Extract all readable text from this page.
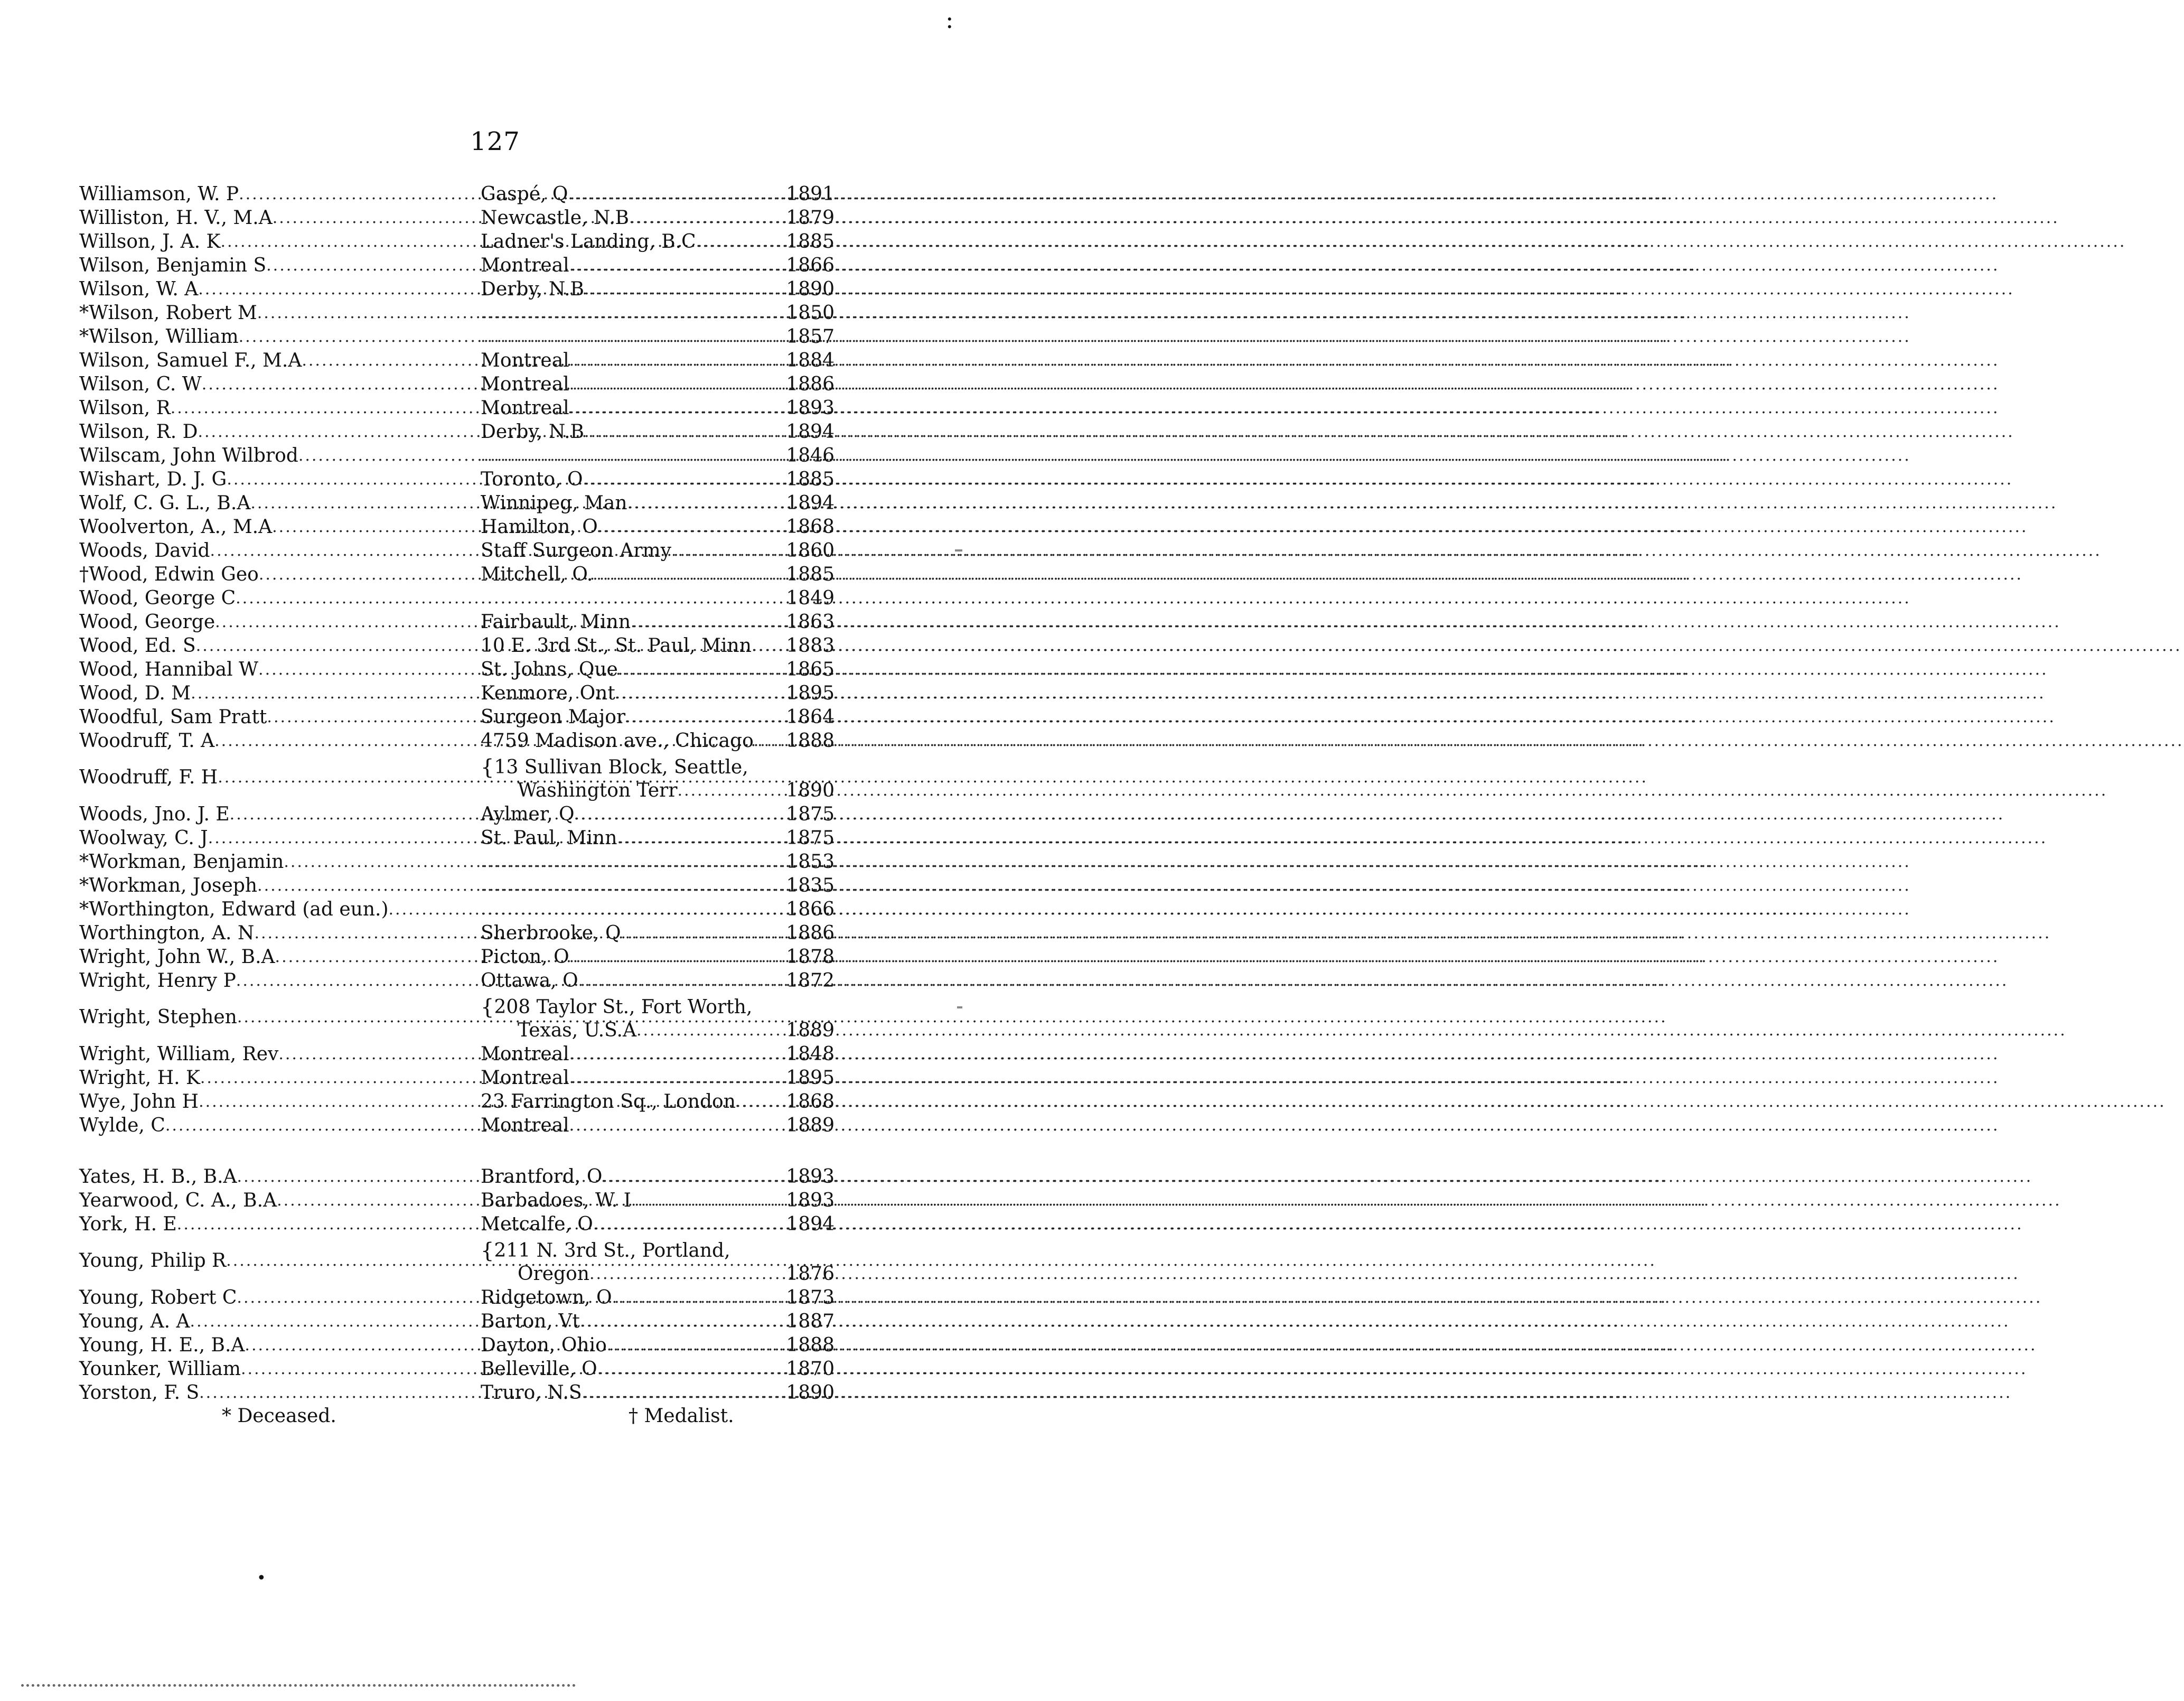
:
127
Williamson, W. P .....	Gaspé, Q .....	1891
Williston, H. V., M.A .....	Newcastle, N.B .....	1879
Willson, J. A. K .....	Ladner's Landing, B.C .....	1885
Wilson, Benjamin S .....	Montreal .....	1866
Wilson, W. A .....	Derby, N.B .....	1890
*Wilson, Robert M ..... .....	1850
*Wilson, William ..... .....	1857
Wilson, Samuel F., M.A .....	Montreal .....	1884
Wilson, C. W .....	Montreal .....	1886
Wilson, R .....	Montreal .....	1893
Wilson, R. D .....	Derby, N.B .....	1894
Wilscam, John Wilbrod ..... .....	1846
Wishart, D. J. G .....	Toronto, O .....	1885
Wolf, C. G. L., B.A .....	Winnipeg, Man .....	1894
Woolverton, A., M.A .....	Hamilton, O .....	1868
Woods, David .....	Staff Surgeon Army .....	1860
†Wood, Edwin Geo .....	Mitchell, O. .....	1885
Wood, George C ..... .....	1849
Wood, George .....	Fairbault, Minn .....	1863
Wood, Ed. S .....	10 E. 3rd St., St. Paul, Minn ..... 1883
Wood, Hannibal W .....	St. Johns, Que .....	1865
Wood, D. M .....	Kenmore, Ont .....	1895
Woodful, Sam Pratt .....	Surgeon Major .....	1864
Woodruff, T. A .....	4759 Madison ave., Chicago ..... 1888
Woodruff, F. H .....	{ 13 Sullivan Block, Seattle,
Washington Terr .....	1890
Woods, Jno. J. E .....	Aylmer, Q .....	1875
Woolway, C. J .....	St. Paul, Minn .....	1875
*Workman, Benjamin ..... .....	1853
*Workman, Joseph ..... .....	1835
*Worthington, Edward (ad eun.) ..... .....	1866
Worthington, A. N .....	Sherbrooke, Q .....	1886
Wright, John W., B.A .....	Picton, O .....	1878
Wright, Henry P .....	Ottawa, O .....	1872
Wright, Stephen .....	{ 208 Taylor St., Fort Worth,
Texas, U.S.A .....	1889
Wright, William, Rev .....	Montreal .....	1848
Wright, H. K .....	Montreal .....	1895
Wye, John H .....	23 Farrington Sq., London .....	1868
Wylde, C .....	Montreal .....	1889
Yates, H. B., B.A .....	Brantford, O .....	1893
Yearwood, C. A., B.A .....	Barbadoes, W. I .....	1893
York, H. E .....	Metcalfe, O .....	1894
Young, Philip R .....	{ 211 N. 3rd St., Portland,
Oregon .....	1876
Young, Robert C .....	Ridgetown, O .....	1873
Young, A. A .....	Barton, Vt .....	1887
Young, H. E., B.A .....	Dayton, Ohio .....	1888
Younker, William .....	Belleville, O .....	1870
Yorston, F. S .....	Truro, N.S .....	1890
* Deceased.	† Medalist.
•
